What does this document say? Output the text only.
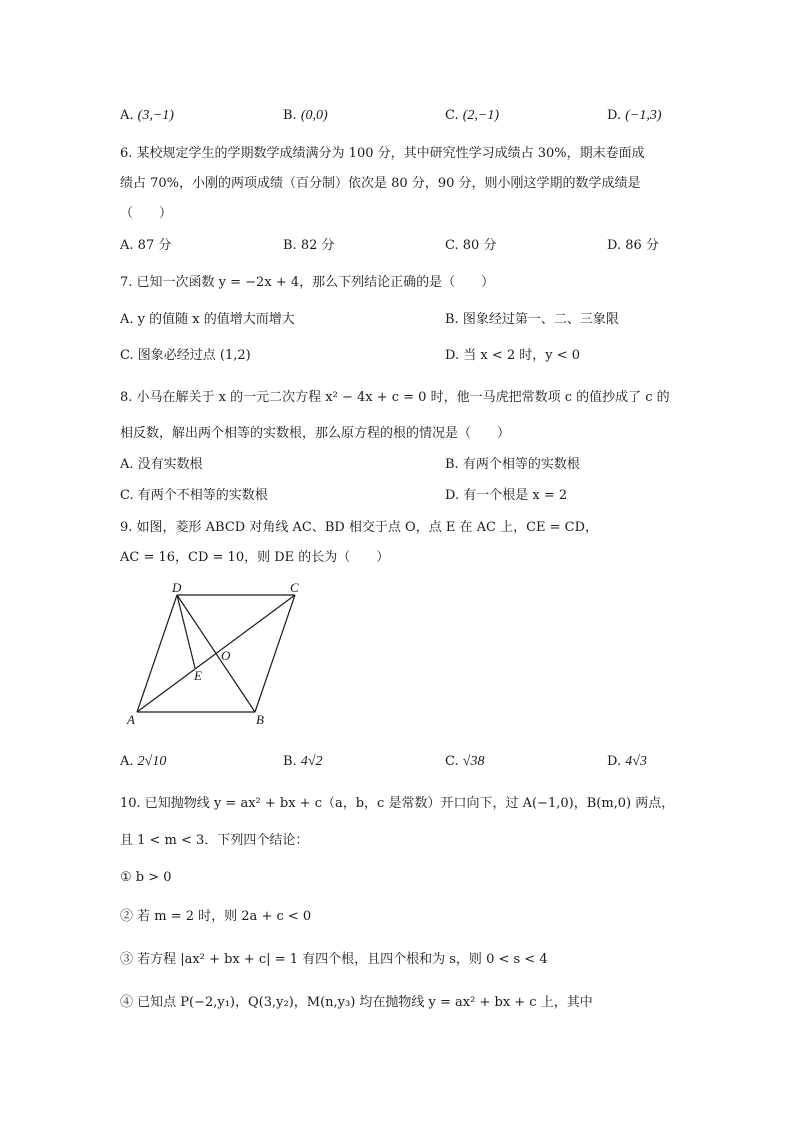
A. (3,−1)	B. (0,0)	C. (2,−1)	D. (−1,3)
6. 某校规定学生的学期数学成绩满分为 100 分，其中研究性学习成绩占 30%，期末卷面成
绩占 70%，小刚的两项成绩（百分制）依次是 80 分，90 分，则小刚这学期的数学成绩是
（　　）
A. 87 分	B. 82 分	C. 80 分	D. 86 分
7. 已知一次函数 y = −2x + 4，那么下列结论正确的是（　　）
A. y 的值随 x 的值增大而增大	B. 图象经过第一、二、三象限
C. 图象必经过点 (1,2)	D. 当 x < 2 时，y < 0
8. 小马在解关于 x 的一元二次方程 x² − 4x + c = 0 时，他一马虎把常数项 c 的值抄成了 c 的
相反数，解出两个相等的实数根，那么原方程的根的情况是（　　）
A. 没有实数根	B. 有两个相等的实数根
C. 有两个不相等的实数根	D. 有一个根是 x = 2
9. 如图，菱形 ABCD 对角线 AC、BD 相交于点 O，点 E 在 AC 上，CE = CD，
AC = 16，CD = 10，则 DE 的长为（　　）
A	B
C
D
O
E
A. 2√10	B. 4√2	C. √38	D. 4√3
10. 已知抛物线 y = ax² + bx + c（a，b，c 是常数）开口向下，过 A(−1,0)，B(m,0) 两点，
且 1 < m < 3．下列四个结论：
① b > 0
② 若 m = 2 时，则 2a + c < 0
③ 若方程 |ax² + bx + c| = 1 有四个根，且四个根和为 s，则 0 < s < 4
④ 已知点 P(−2,y₁)，Q(3,y₂)，M(n,y₃) 均在抛物线 y = ax² + bx + c 上，其中
